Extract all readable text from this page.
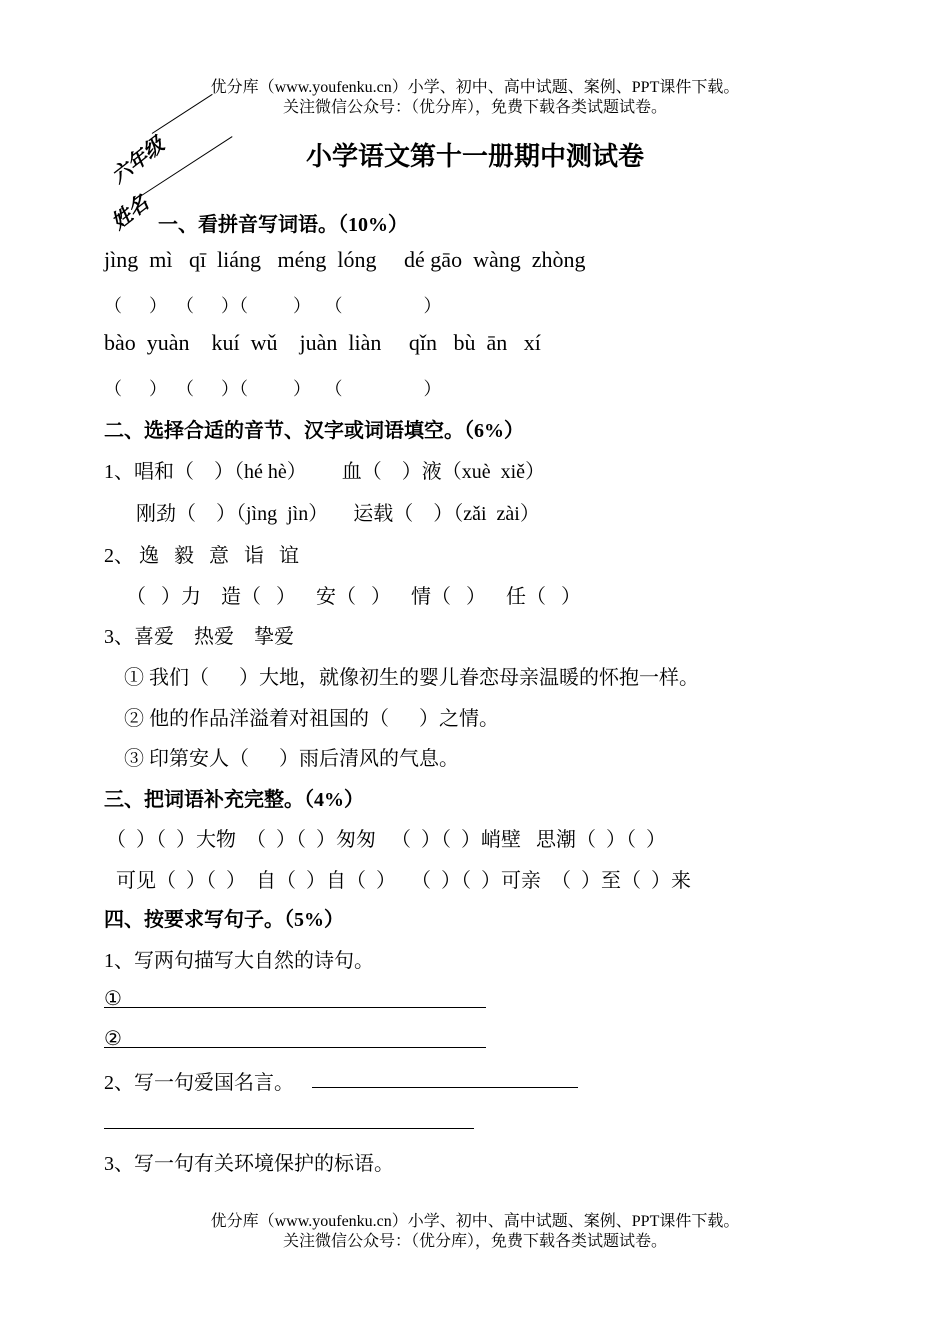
优分库（www.youfenku.cn）小学、初中、高中试题、案例、PPT课件下载。
关注微信公众号：（优分库），免费下载各类试题试卷。
六年级
姓名
小学语文第十一册期中测试卷
一、看拼音写词语。（10%）
jìng  mì   qī  liáng   méng  lóng     dé gāo  wàng  zhòng
（      ）  （      ）（          ）   （                  ）
bào  yuàn    kuí  wǔ    juàn  liàn     qǐn   bù  ān   xí
（      ）  （      ）（          ）   （                  ）
二、选择合适的音节、汉字或词语填空。（6%）
1、唱和（    ）（hé hè）       血（    ）液（xuè  xiě）
刚劲（    ）（jìng  jìn）     运载（    ）（zǎi  zài）
2、 逸   毅   意   诣   谊
（   ）力    造（   ）    安（   ）    情（   ）    任（   ）
3、喜爱    热爱    挚爱
① 我们（      ）大地，就像初生的婴儿眷恋母亲温暖的怀抱一样。
② 他的作品洋溢着对祖国的（      ）之情。
③ 印第安人（      ）雨后清风的气息。
三、把词语补充完整。（4%）
（  ）（  ）大物  （  ）（  ）匆匆   （  ）（  ）峭壁   思潮（  ）（  ）
可见（  ）（  ）  自（  ）自（  ）   （  ）（  ）可亲  （  ）至（  ）来
四、按要求写句子。（5%）
1、写两句描写大自然的诗句。
①
②
2、写一句爱国名言。
3、写一句有关环境保护的标语。
优分库（www.youfenku.cn）小学、初中、高中试题、案例、PPT课件下载。
关注微信公众号：（优分库），免费下载各类试题试卷。
